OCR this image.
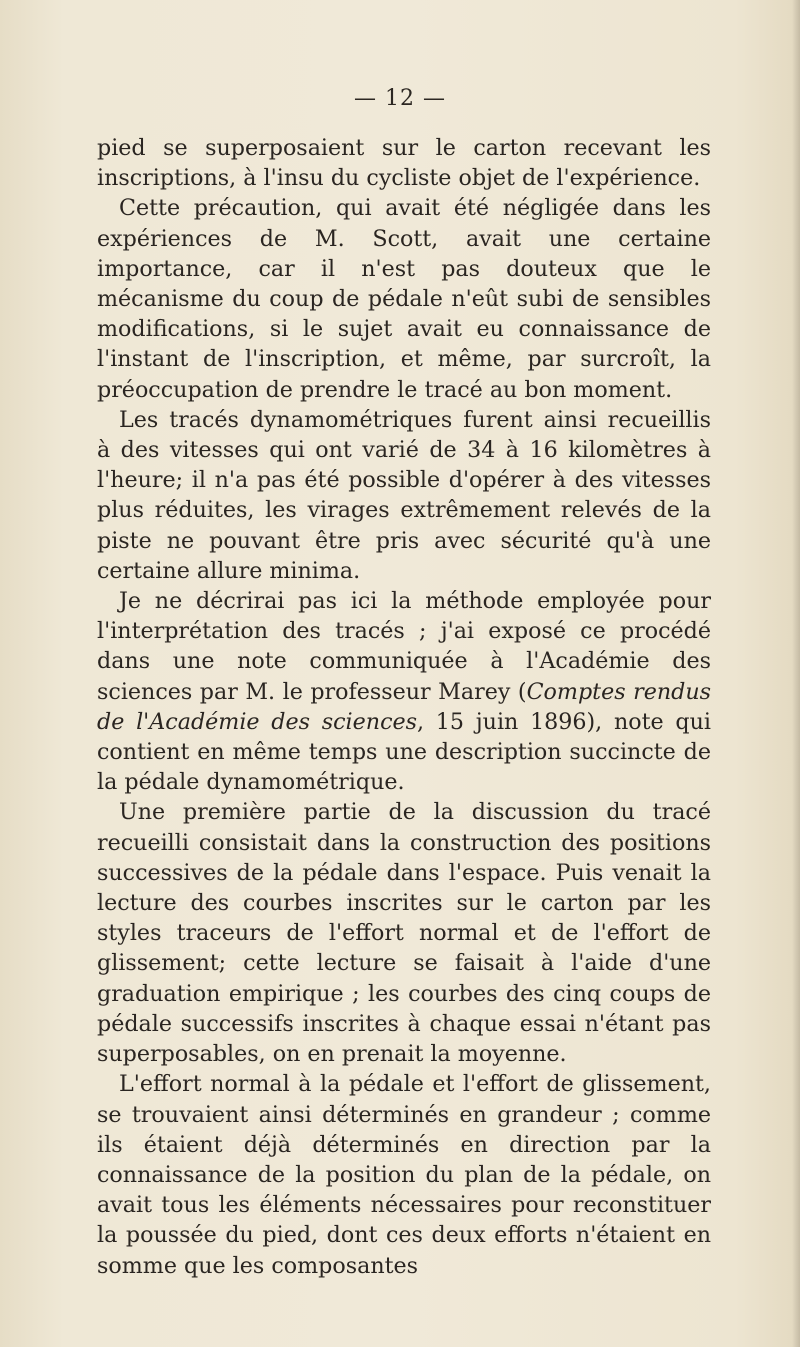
— 12 —

pied se superposaient sur le carton recevant les inscriptions, à l'insu du cycliste objet de l'expérience.

Cette précaution, qui avait été négligée dans les expériences de M. Scott, avait une certaine importance, car il n'est pas douteux que le mécanisme du coup de pédale n'eût subi de sensibles modifications, si le sujet avait eu connaissance de l'instant de l'inscription, et même, par surcroît, la préoccupation de prendre le tracé au bon moment.

Les tracés dynamométriques furent ainsi recueillis à des vitesses qui ont varié de 34 à 16 kilomètres à l'heure; il n'a pas été possible d'opérer à des vitesses plus réduites, les virages extrêmement relevés de la piste ne pouvant être pris avec sécurité qu'à une certaine allure minima.

Je ne décrirai pas ici la méthode employée pour l'interprétation des tracés ; j'ai exposé ce procédé dans une note communiquée à l'Académie des sciences par M. le professeur Marey (Comptes rendus de l'Académie des sciences, 15 juin 1896), note qui contient en même temps une description succincte de la pédale dynamométrique.

Une première partie de la discussion du tracé recueilli consistait dans la construction des positions successives de la pédale dans l'espace. Puis venait la lecture des courbes inscrites sur le carton par les styles traceurs de l'effort normal et de l'effort de glissement; cette lecture se faisait à l'aide d'une graduation empirique ; les courbes des cinq coups de pédale successifs inscrites à chaque essai n'étant pas superposables, on en prenait la moyenne.

L'effort normal à la pédale et l'effort de glissement, se trouvaient ainsi déterminés en grandeur ; comme ils étaient déjà déterminés en direction par la connaissance de la position du plan de la pédale, on avait tous les éléments nécessaires pour reconstituer la poussée du pied, dont ces deux efforts n'étaient en somme que les composantes
